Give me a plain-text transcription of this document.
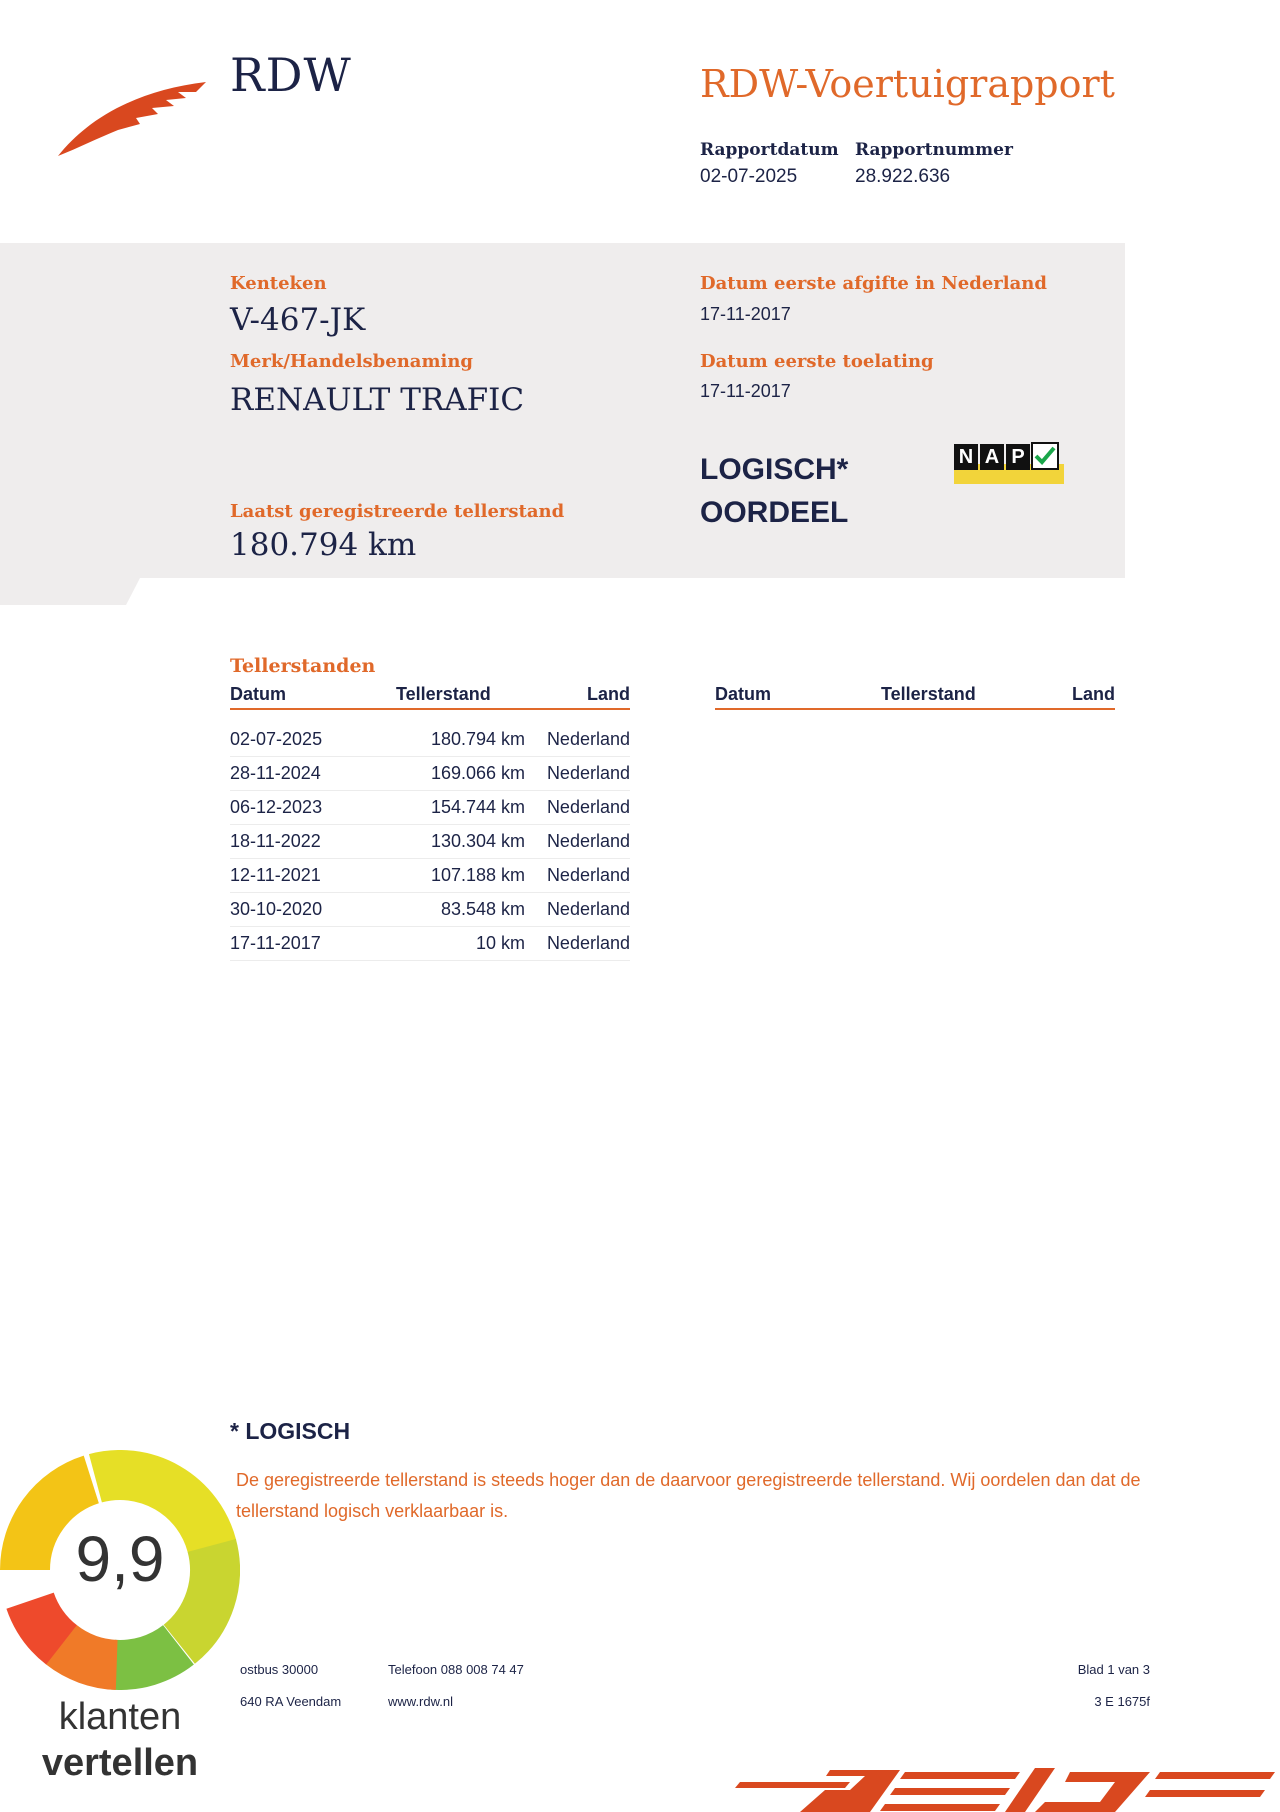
RDW	RDW-Voertuigrapport
Rapportdatum
02-07-2025
Rapportnummer
28.922.636
Kenteken
V-467-JK
Merk/Handelsbenaming
RENAULT TRAFIC
Laatst geregistreerde tellerstand
180.794 km
Datum eerste afgifte in Nederland
17-11-2017
Datum eerste toelating
17-11-2017
LOGISCH*
OORDEEL
N A P
Tellerstanden
Datum	Tellerstand	Land	Datum	Tellerstand	Land
02-07-2025	180.794 km Nederland
28-11-2024	169.066 km Nederland
06-12-2023	154.744 km Nederland
18-11-2022	130.304 km Nederland
12-11-2021	107.188 km Nederland
30-10-2020	83.548 km Nederland
17-11-2017	10 km Nederland
* LOGISCH
De geregistreerde tellerstand is steeds hoger dan de daarvoor geregistreerde tellerstand. Wij oordelen dan dat de tellerstand logisch verklaarbaar is.
ostbus 30000
640 RA Veendam
Telefoon 088 008 74 47
www.rdw.nl
Blad 1 van 3
3 E 1675f
9,9
klanten
vertellen
